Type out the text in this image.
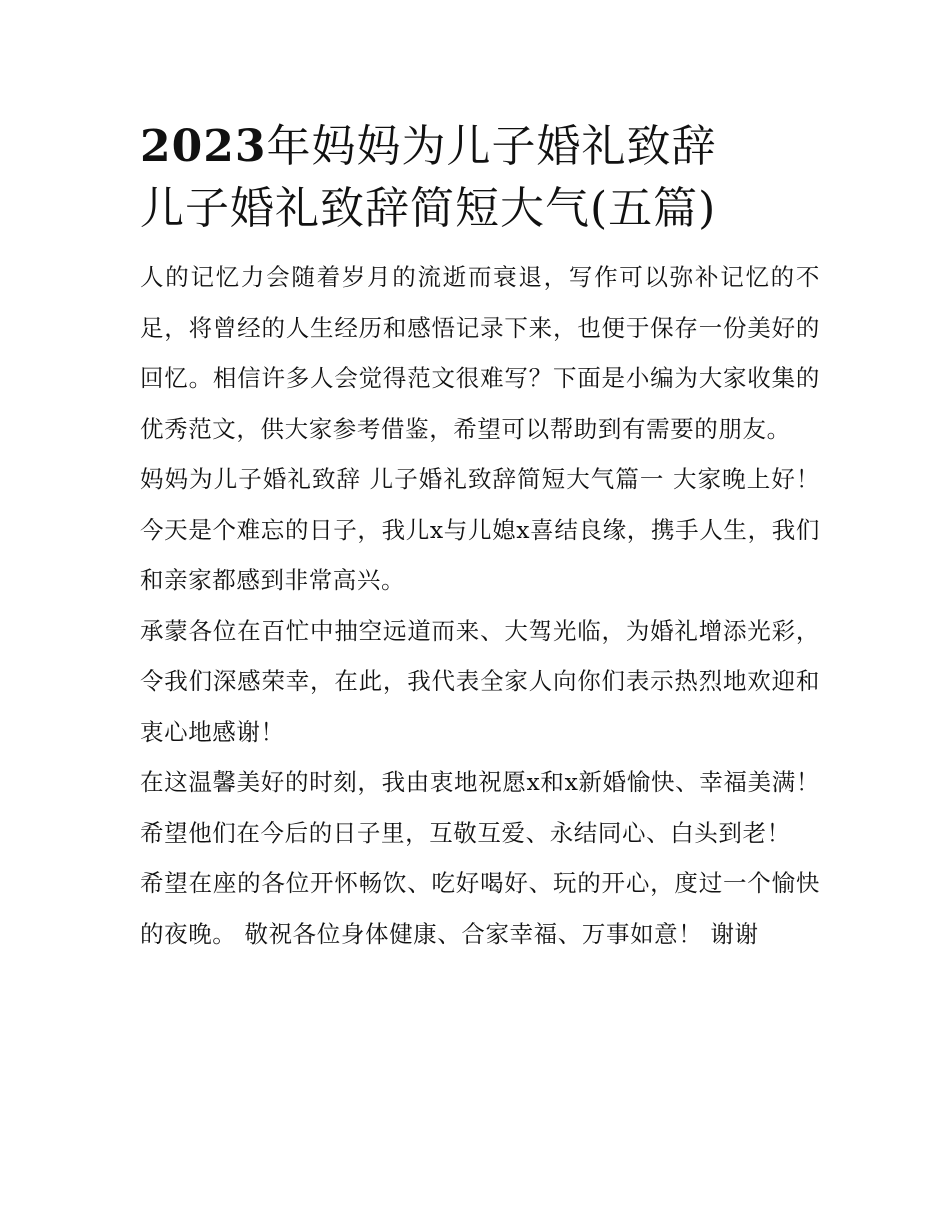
2023年妈妈为儿子婚礼致辞
儿子婚礼致辞简短大气(五篇)

人的记忆力会随着岁月的流逝而衰退，写作可以弥补记忆的不足，将曾经的人生经历和感悟记录下来，也便于保存一份美好的回忆。相信许多人会觉得范文很难写？下面是小编为大家收集的优秀范文，供大家参考借鉴，希望可以帮助到有需要的朋友。

妈妈为儿子婚礼致辞 儿子婚礼致辞简短大气篇一 大家晚上好！ 今天是个难忘的日子，我儿x与儿媳x喜结良缘，携手人生，我们和亲家都感到非常高兴。

承蒙各位在百忙中抽空远道而来、大驾光临，为婚礼增添光彩，令我们深感荣幸，在此，我代表全家人向你们表示热烈地欢迎和衷心地感谢！

在这温馨美好的时刻，我由衷地祝愿x和x新婚愉快、幸福美满！希望他们在今后的日子里，互敬互爱、永结同心、白头到老！

希望在座的各位开怀畅饮、吃好喝好、玩的开心，度过一个愉快的夜晚。 敬祝各位身体健康、合家幸福、万事如意！ 谢谢
